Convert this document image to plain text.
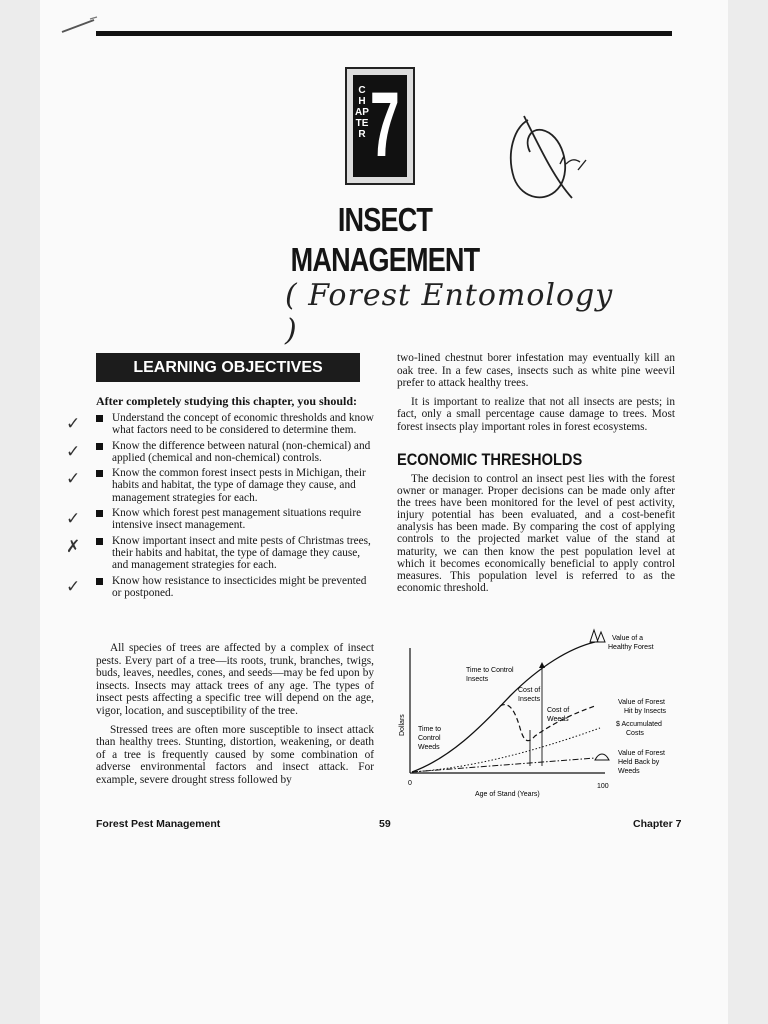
CHAPTER 7
INSECT
MANAGEMENT
( Forest Entomology )
LEARNING OBJECTIVES
After completely studying this chapter, you should:
✓	Understand the concept of economic thresholds and know what factors need to be considered to determine them.
✓	Know the difference between natural (non-chemical) and applied (chemical and non-chemical) controls.
✓	Know the common forest insect pests in Michigan, their habits and habitat, the type of damage they cause, and management strategies for each.
✓	Know which forest pest management situations require intensive insect management.
✗	Know important insect and mite pests of Christmas trees, their habits and habitat, the type of damage they cause, and management strategies for each.
✓	Know how resistance to insecticides might be prevented or postponed.

All species of trees are affected by a complex of insect pests. Every part of a tree—its roots, trunk, branches, twigs, buds, leaves, needles, cones, and seeds—may be fed upon by insects. Insects may attack trees of any age. The types of insect pests affecting a specific tree will depend on the age, vigor, location, and susceptibility of the tree.

Stressed trees are often more susceptible to insect attack than healthy trees. Stunting, distortion, weakening, or death of a tree is frequently caused by some combination of adverse environmental factors and insect attack. For example, severe drought stress followed by

two-lined chestnut borer infestation may eventually kill an oak tree. In a few cases, insects such as white pine weevil prefer to attack healthy trees.

It is important to realize that not all insects are pests; in fact, only a small percentage cause damage to trees. Most forest insects play important roles in forest ecosystems.

ECONOMIC THRESHOLDS

The decision to control an insect pest lies with the forest owner or manager. Proper decisions can be made only after the trees have been monitored for the level of pest activity, injury potential has been evaluated, and a cost-benefit analysis has been made. By comparing the cost of applying controls to the projected market value of the stand at maturity, we can then know the pest population level at which it becomes economically beneficial to apply control measures. This population level is referred to as the economic threshold.

Dollars
0	100
Age of Stand (Years)
Value of a
Healthy Forest
Time to Control
Insects
Cost of
Insects
Cost of
Weeds
Time to
Control
Weeds
Value of Forest
Hit by Insects
$ Accumulated
Costs
Value of Forest
Held Back by
Weeds
Forest Pest Management	59	Chapter 7
